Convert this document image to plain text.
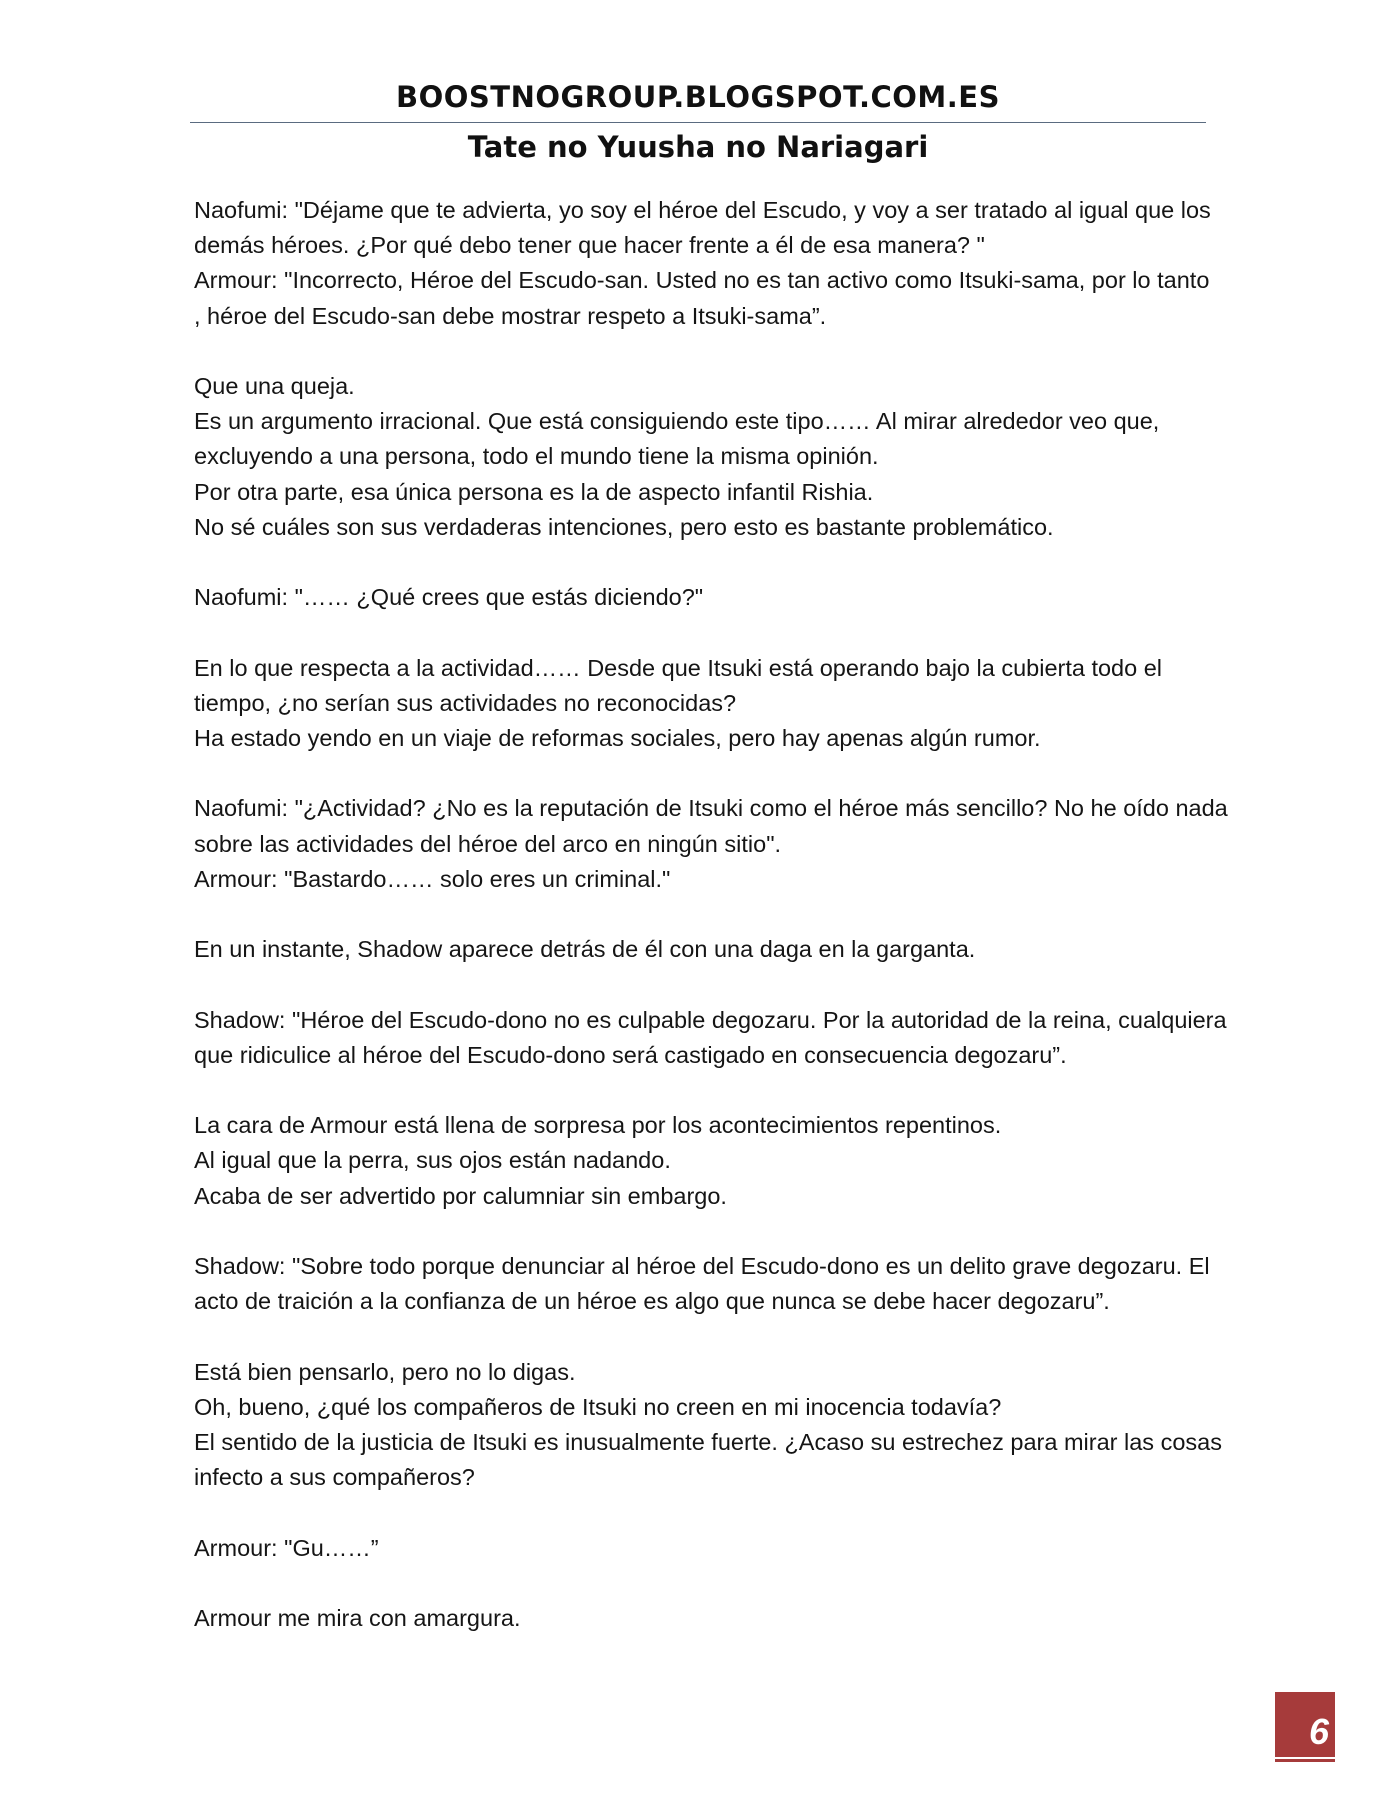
BOOSTNOGROUP.BLOGSPOT.COM.ES
Tate no Yuusha no Nariagari

Naofumi: "Déjame que te advierta, yo soy el héroe del Escudo, y voy a ser tratado al igual que los

demás héroes. ¿Por qué debo tener que hacer frente a él de esa manera? "

Armour: "Incorrecto, Héroe del Escudo-san. Usted no es tan activo como Itsuki-sama, por lo tanto

, héroe del Escudo-san debe mostrar respeto a Itsuki-sama”.

Que una queja.

Es un argumento irracional. Que está consiguiendo este tipo…… Al mirar alrededor veo que,

excluyendo a una persona, todo el mundo tiene la misma opinión.

Por otra parte, esa única persona es la de aspecto infantil Rishia.

No sé cuáles son sus verdaderas intenciones, pero esto es bastante problemático.

Naofumi: "…… ¿Qué crees que estás diciendo?"

En lo que respecta a la actividad…… Desde que Itsuki está operando bajo la cubierta todo el

tiempo, ¿no serían sus actividades no reconocidas?

Ha estado yendo en un viaje de reformas sociales, pero hay apenas algún rumor.

Naofumi: "¿Actividad? ¿No es la reputación de Itsuki como el héroe más sencillo? No he oído nada

sobre las actividades del héroe del arco en ningún sitio".

Armour: "Bastardo…… solo eres un criminal."

En un instante, Shadow aparece detrás de él con una daga en la garganta.

Shadow: "Héroe del Escudo-dono no es culpable degozaru. Por la autoridad de la reina, cualquiera

que ridiculice al héroe del Escudo-dono será castigado en consecuencia degozaru”.

La cara de Armour está llena de sorpresa por los acontecimientos repentinos.

Al igual que la perra, sus ojos están nadando.

Acaba de ser advertido por calumniar sin embargo.

Shadow: "Sobre todo porque denunciar al héroe del Escudo-dono es un delito grave degozaru. El

acto de traición a la confianza de un héroe es algo que nunca se debe hacer degozaru”.

Está bien pensarlo, pero no lo digas.

Oh, bueno, ¿qué los compañeros de Itsuki no creen en mi inocencia todavía?

El sentido de la justicia de Itsuki es inusualmente fuerte. ¿Acaso su estrechez para mirar las cosas

infecto a sus compañeros?

Armour: "Gu……”

Armour me mira con amargura.

6
